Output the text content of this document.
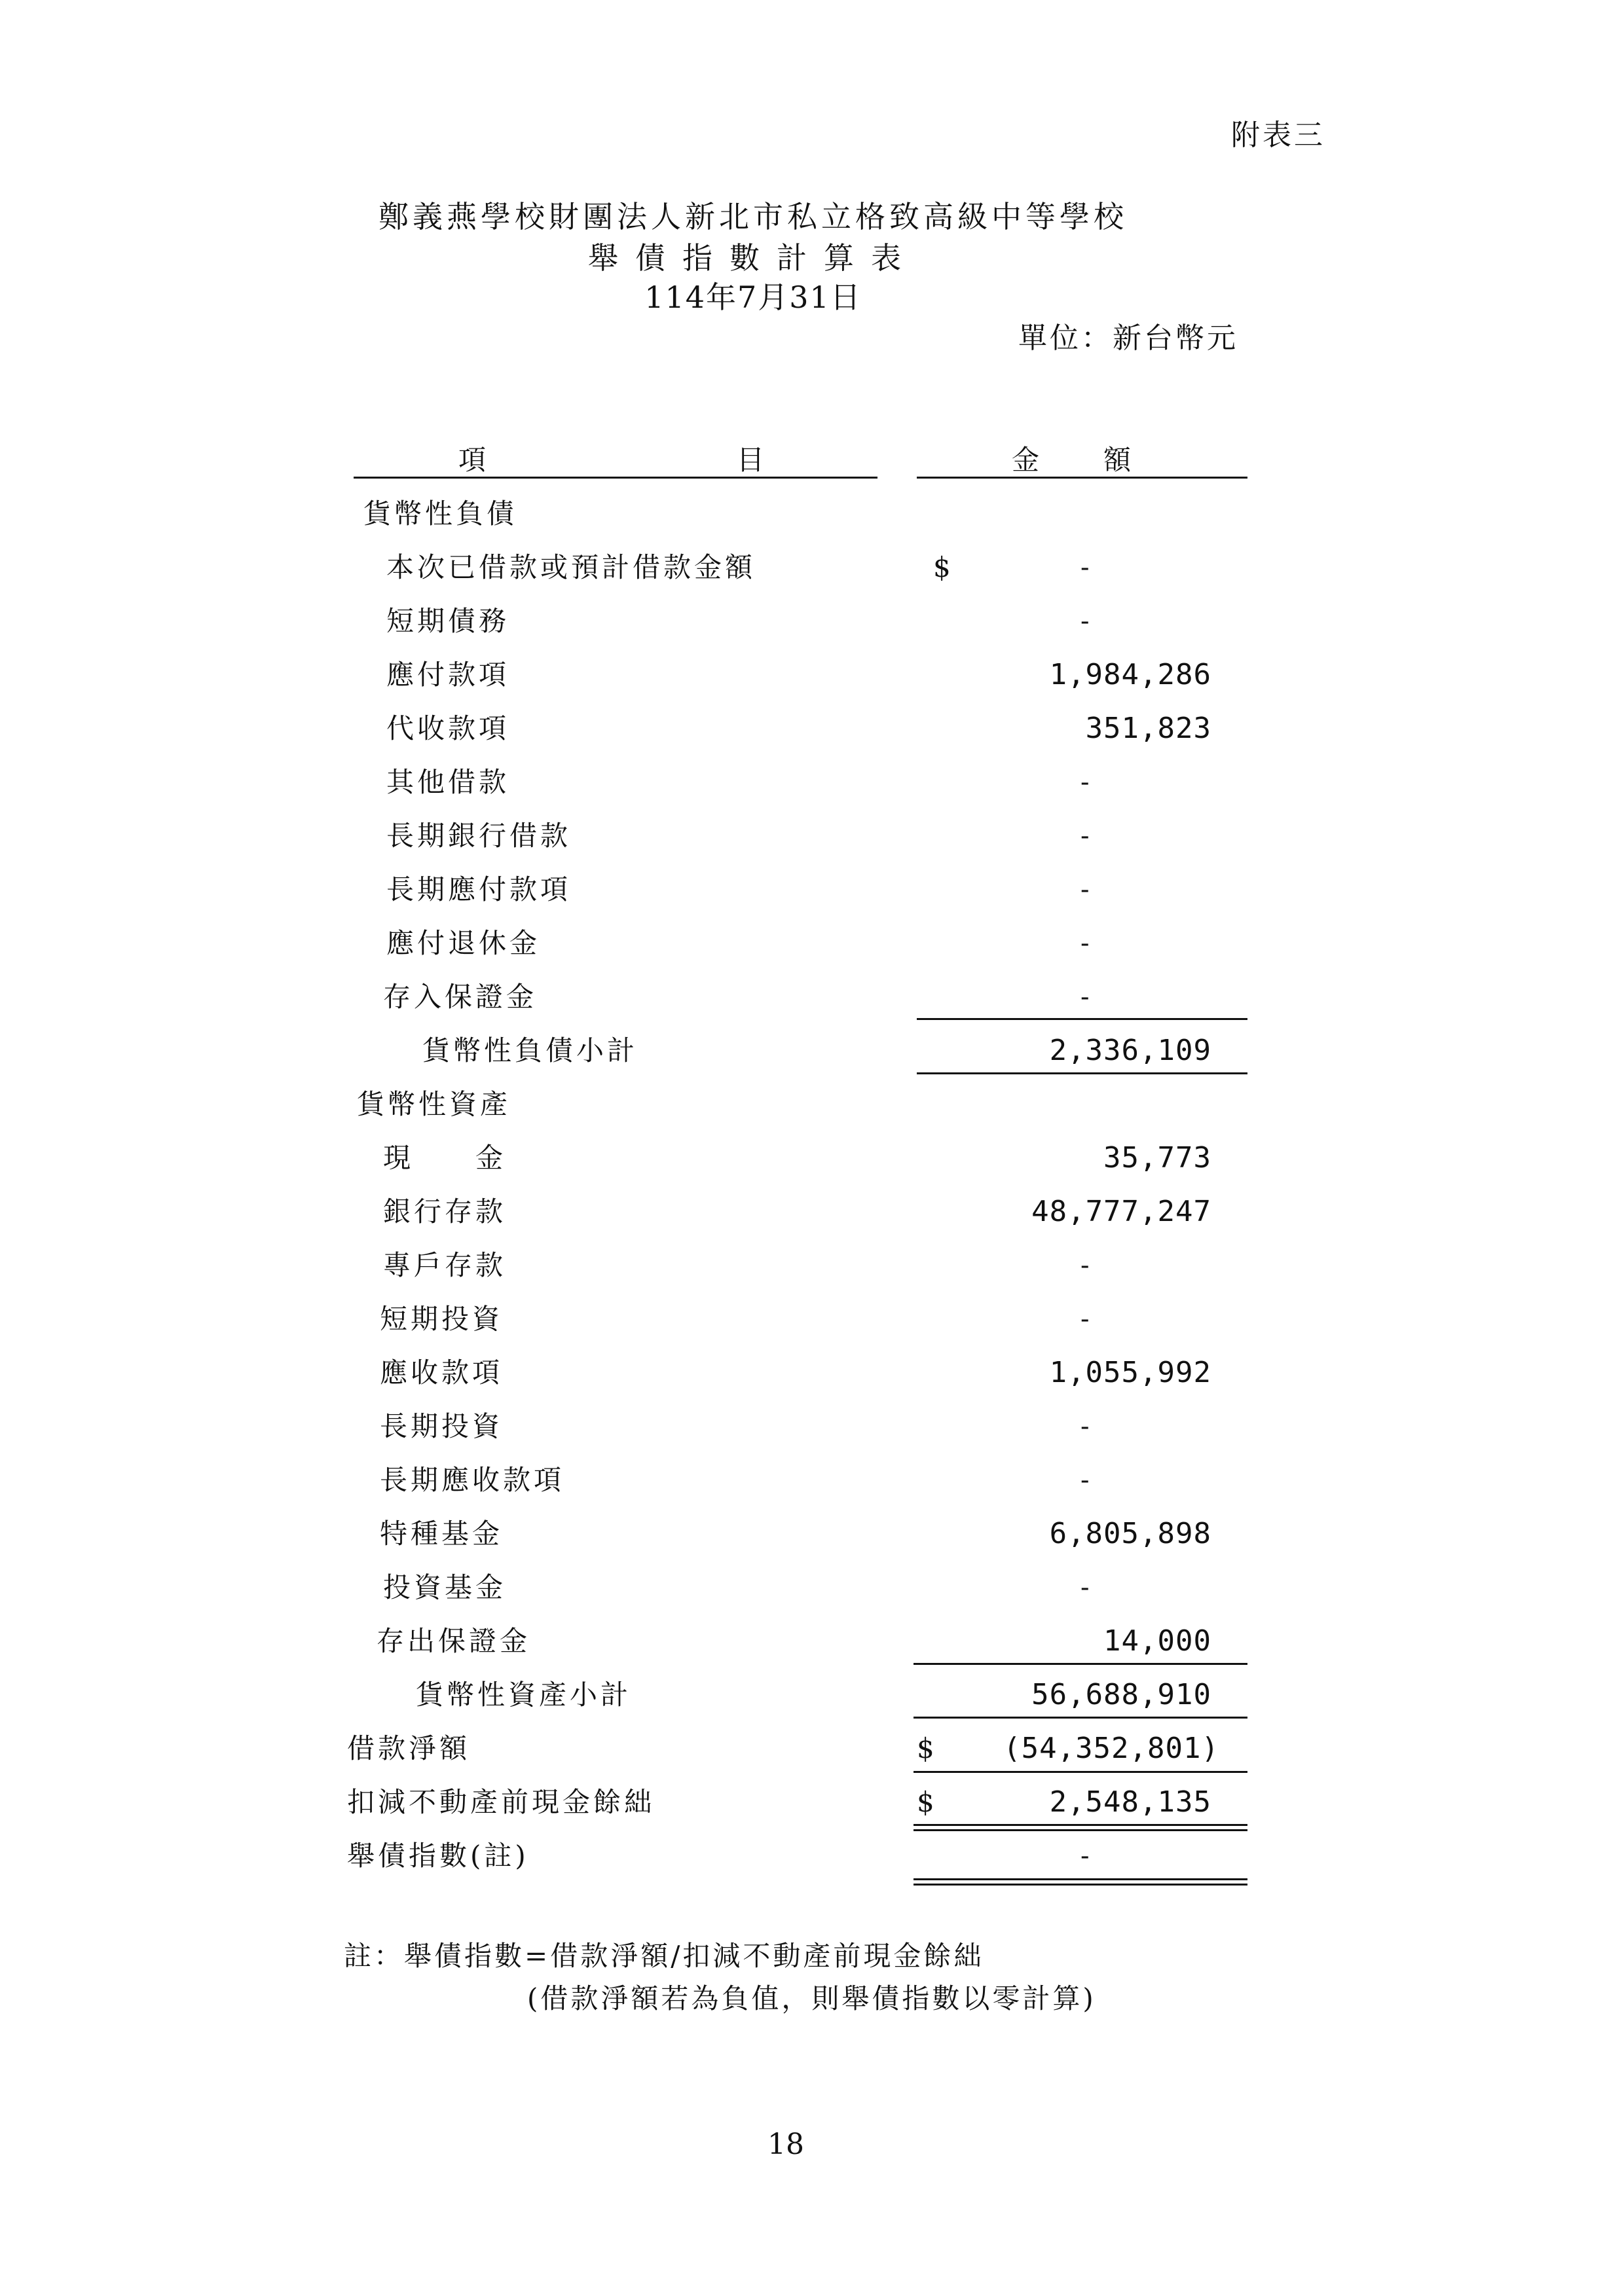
附表三
鄭義燕學校財團法人新北市私立格致高級中等學校
舉債指數計算表
114年7月31日
單位：新台幣元
項	目	金 額
貨幣性負債
本次已借款或預計借款金額	$	-
短期債務	-
應付款項	1,984,286
代收款項	351,823
其他借款	-
長期銀行借款	-
長期應付款項	-
應付退休金	-
存入保證金	-
貨幣性負債小計	2,336,109
貨幣性資產
現　　金	35,773
銀行存款	48,777,247
專戶存款	-
短期投資	-
應收款項	1,055,992
長期投資	-
長期應收款項	-
特種基金	6,805,898
投資基金	-
存出保證金	14,000
貨幣性資產小計	56,688,910
借款淨額	$ (54,352,801)
扣減不動產前現金餘絀	$	2,548,135
舉債指數(註)	-
註：舉債指數=借款淨額/扣減不動產前現金餘絀
(借款淨額若為負值，則舉債指數以零計算)
18
